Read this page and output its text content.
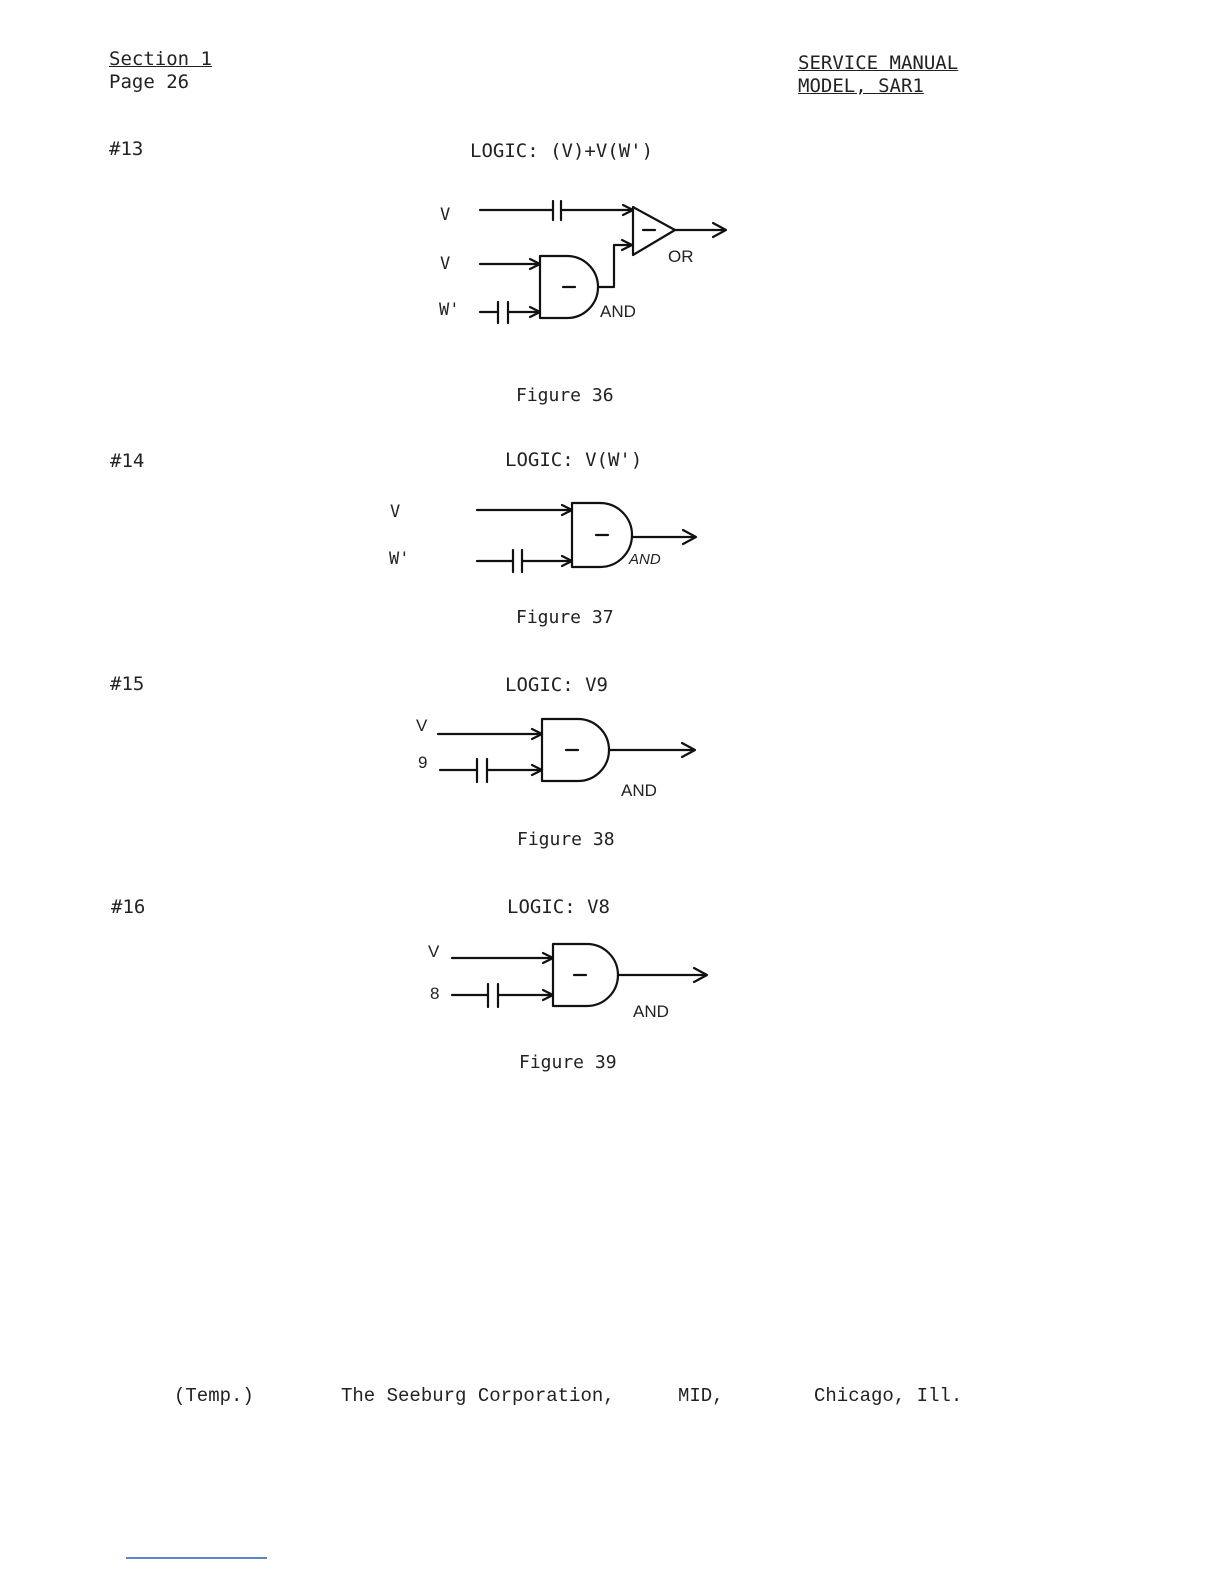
Section 1
Page 26
SERVICE MANUAL
MODEL, SAR1
#13	LOGIC: (V)+V(W')
V
V
W'
OR
AND
Figure 36
#14	LOGIC: V(W')
V
W'	AND
Figure 37
#15	LOGIC: V9
V
9
AND
Figure 38
#16	LOGIC: V8
V
8
AND
Figure 39
(Temp.)	The Seeburg Corporation,	MID,	Chicago, Ill.
